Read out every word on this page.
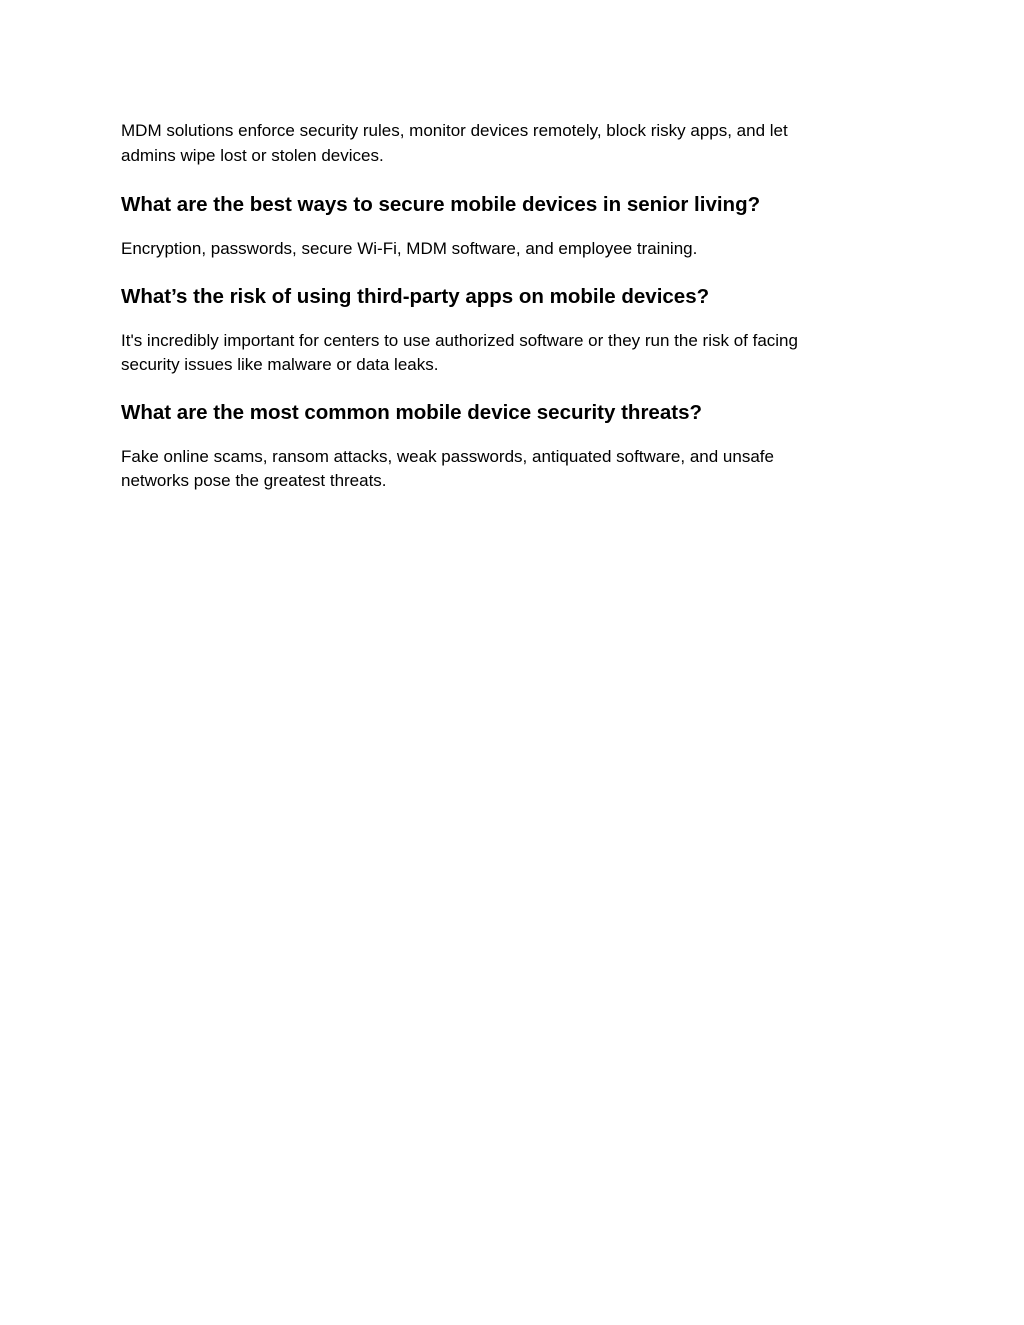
MDM solutions enforce security rules, monitor devices remotely, block risky apps, and let
admins wipe lost or stolen devices.

What are the best ways to secure mobile devices in senior living?

Encryption, passwords, secure Wi-Fi, MDM software, and employee training.

What’s the risk of using third-party apps on mobile devices?

It's incredibly important for centers to use authorized software or they run the risk of facing
security issues like malware or data leaks.

What are the most common mobile device security threats?

Fake online scams, ransom attacks, weak passwords, antiquated software, and unsafe
networks pose the greatest threats.
